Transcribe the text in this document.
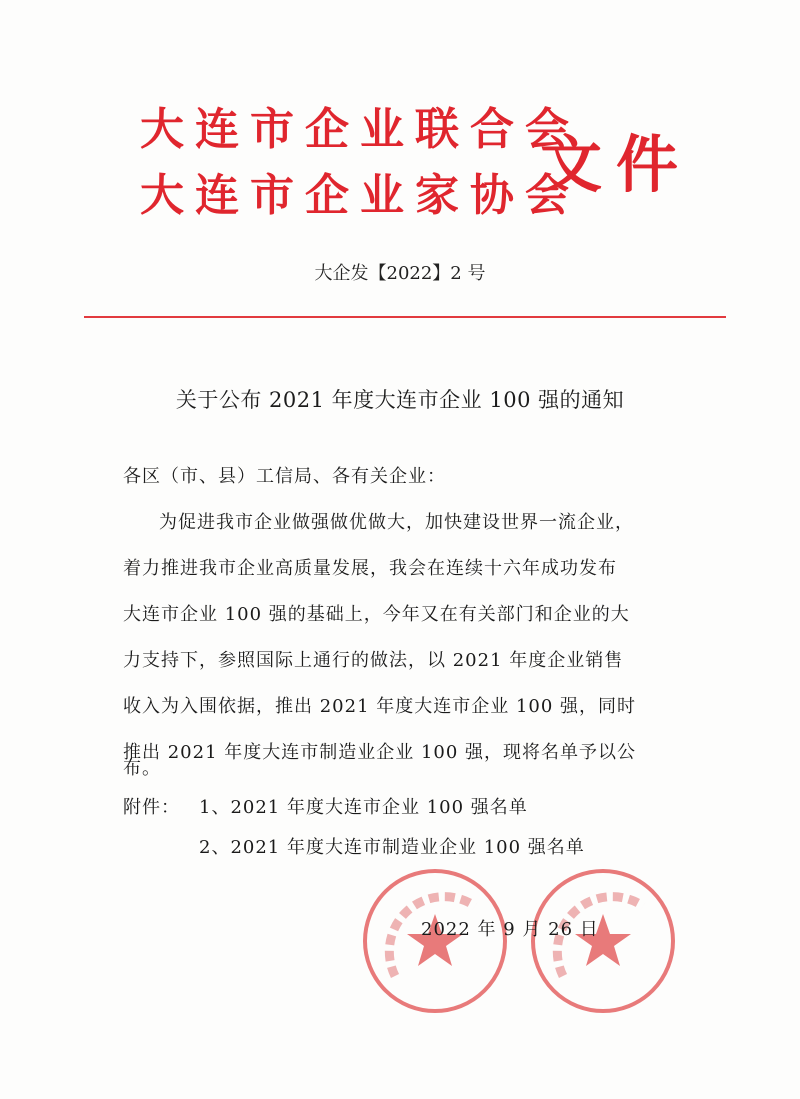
大连市企业联合会
大连市企业家协会
文件
大企发【2022】2 号
关于公布 2021 年度大连市企业 100 强的通知
各区（市、县）工信局、各有关企业：
为促进我市企业做强做优做大，加快建设世界一流企业，
着力推进我市企业高质量发展，我会在连续十六年成功发布
大连市企业 100 强的基础上，今年又在有关部门和企业的大
力支持下，参照国际上通行的做法，以 2021 年度企业销售
收入为入围依据，推出 2021 年度大连市企业 100 强，同时
推出 2021 年度大连市制造业企业 100 强，现将名单予以公
布。
附件： 1、2021 年度大连市企业 100 强名单
2、2021 年度大连市制造业企业 100 强名单
2022 年 9 月 26 日
